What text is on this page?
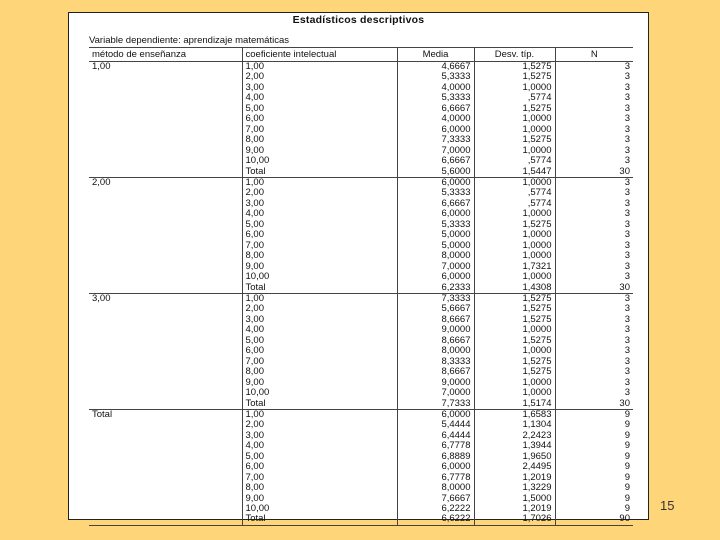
Estadísticos descriptivos
Variable dependiente: aprendizaje matemáticas
método de enseñanza	coeficiente intelectual	Media	Desv. típ.	N
1,00	1,00	4,6667	1,5275	3
	2,00	5,3333	1,5275	3
	3,00	4,0000	1,0000	3
	4,00	5,3333	,5774	3
	5,00	6,6667	1,5275	3
	6,00	4,0000	1,0000	3
	7,00	6,0000	1,0000	3
	8,00	7,3333	1,5275	3
	9,00	7,0000	1,0000	3
	10,00	6,6667	,5774	3
	Total	5,6000	1,5447	30
2,00	1,00	6,0000	1,0000	3
	2,00	5,3333	,5774	3
	3,00	6,6667	,5774	3
	4,00	6,0000	1,0000	3
	5,00	5,3333	1,5275	3
	6,00	5,0000	1,0000	3
	7,00	5,0000	1,0000	3
	8,00	8,0000	1,0000	3
	9,00	7,0000	1,7321	3
	10,00	6,0000	1,0000	3
	Total	6,2333	1,4308	30
3,00	1,00	7,3333	1,5275	3
	2,00	5,6667	1,5275	3
	3,00	8,6667	1,5275	3
	4,00	9,0000	1,0000	3
	5,00	8,6667	1,5275	3
	6,00	8,0000	1,0000	3
	7,00	8,3333	1,5275	3
	8,00	8,6667	1,5275	3
	9,00	9,0000	1,0000	3
	10,00	7,0000	1,0000	3
	Total	7,7333	1,5174	30
Total	1,00	6,0000	1,6583	9
	2,00	5,4444	1,1304	9
	3,00	6,4444	2,2423	9
	4,00	6,7778	1,3944	9
	5,00	6,8889	1,9650	9
	6,00	6,0000	2,4495	9
	7,00	6,7778	1,2019	9
	8,00	8,0000	1,3229	9
	9,00	7,6667	1,5000	9
	10,00	6,2222	1,2019	9
	Total	6,6222	1,7026	90
15
